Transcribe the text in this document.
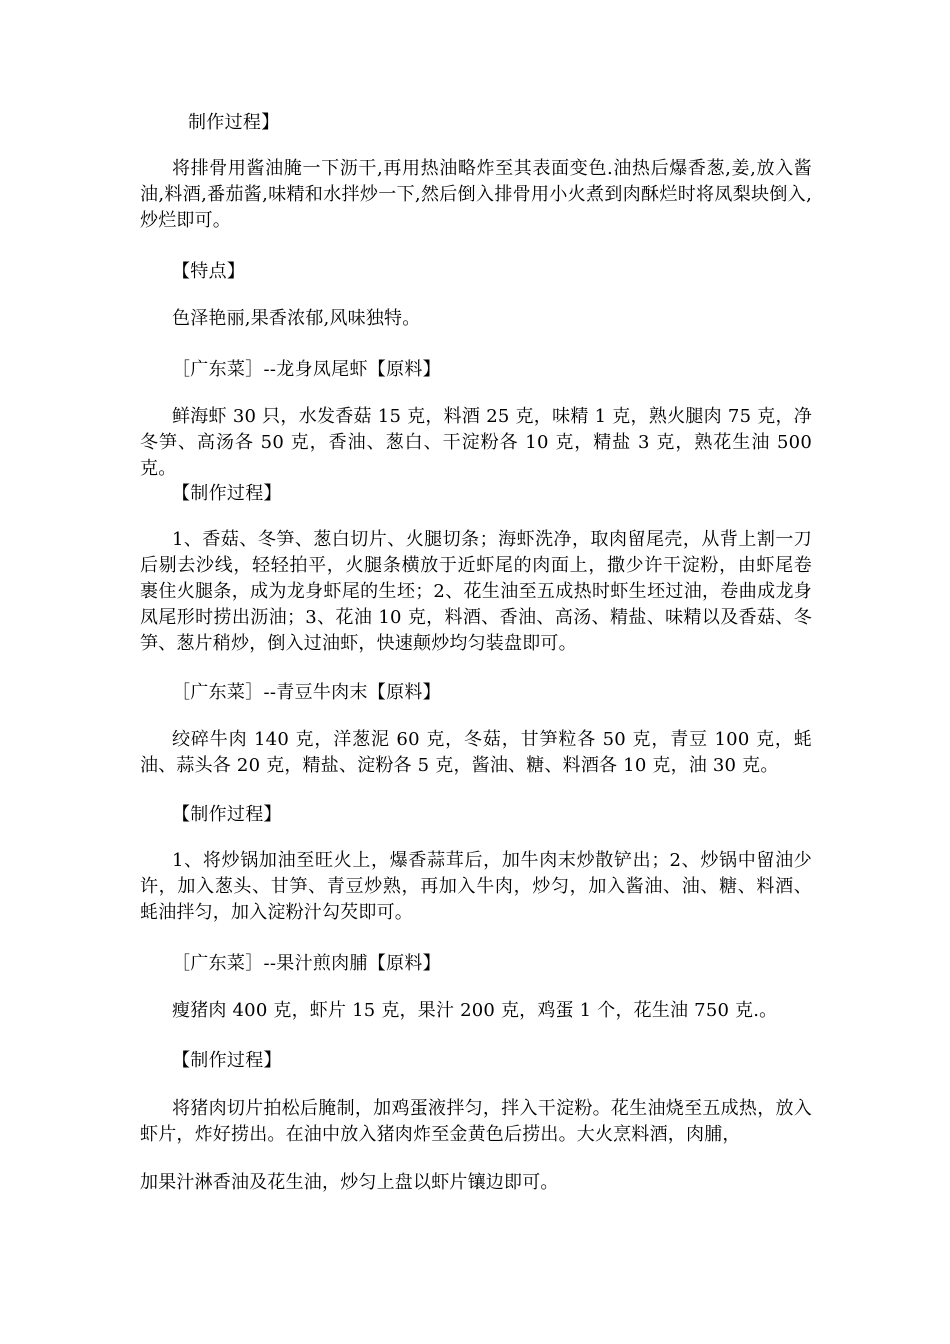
制作过程】

将排骨用酱油腌一下沥干,再用热油略炸至其表面变色.油热后爆香葱,姜,放入酱油,料酒,番茄酱,味精和水拌炒一下,然后倒入排骨用小火煮到肉酥烂时将凤梨块倒入,炒烂即可。

【特点】

色泽艳丽,果香浓郁,风味独特。

［广东菜］--龙身凤尾虾【原料】

鲜海虾 30 只，水发香菇 15 克，料酒 25 克，味精 1 克，熟火腿肉 75 克，净冬笋、高汤各 50 克，香油、葱白、干淀粉各 10 克，精盐 3 克，熟花生油 500 克。

【制作过程】

1、香菇、冬笋、葱白切片、火腿切条；海虾洗净，取肉留尾壳，从背上割一刀后剔去沙线，轻轻拍平，火腿条横放于近虾尾的肉面上，撒少许干淀粉，由虾尾卷裹住火腿条，成为龙身虾尾的生坯；2、花生油至五成热时虾生坯过油，卷曲成龙身凤尾形时捞出沥油；3、花油 10 克，料酒、香油、高汤、精盐、味精以及香菇、冬笋、葱片稍炒，倒入过油虾，快速颠炒均匀装盘即可。

［广东菜］--青豆牛肉末【原料】

绞碎牛肉 140 克，洋葱泥 60 克，冬菇，甘笋粒各 50 克，青豆 100 克，蚝油、蒜头各 20 克，精盐、淀粉各 5 克，酱油、糖、料酒各 10 克，油 30 克。

【制作过程】

1、将炒锅加油至旺火上，爆香蒜茸后，加牛肉末炒散铲出；2、炒锅中留油少许，加入葱头、甘笋、青豆炒熟，再加入牛肉，炒匀，加入酱油、油、糖、料酒、蚝油拌匀，加入淀粉汁勾芡即可。

［广东菜］--果汁煎肉脯【原料】

瘦猪肉 400 克，虾片 15 克，果汁 200 克，鸡蛋 1 个，花生油 750 克.。

【制作过程】

将猪肉切片拍松后腌制，加鸡蛋液拌匀，拌入干淀粉。花生油烧至五成热，放入虾片，炸好捞出。在油中放入猪肉炸至金黄色后捞出。大火烹料酒，肉脯，

加果汁淋香油及花生油，炒匀上盘以虾片镶边即可。
